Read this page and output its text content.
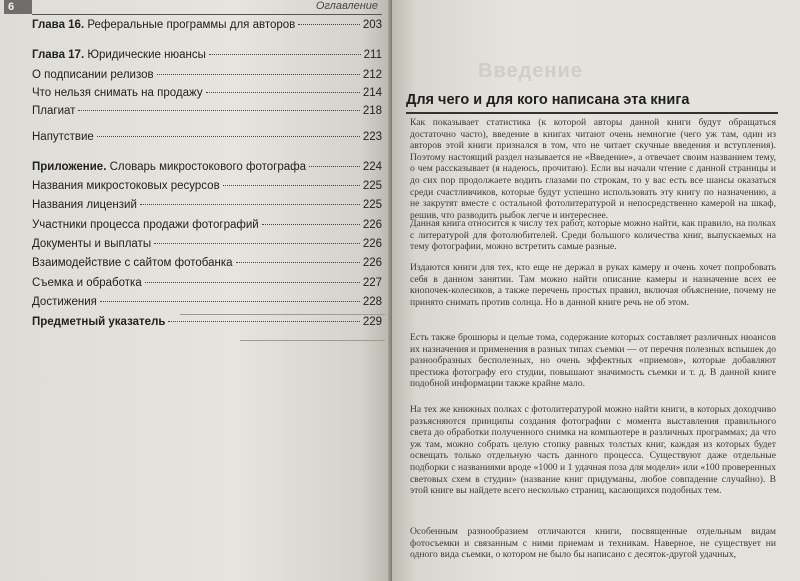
6	Оглавление
Глава 16. Реферальные программы для авторов	203
Глава 17. Юридические нюансы	211
О подписании релизов	212
Что нельзя снимать на продажу	214
Плагиат	218
Напутствие	223
Приложение. Словарь микростокового фотографа	224
Названия микростоковых ресурсов	225
Названия лицензий	225
Участники процесса продажи фотографий	226
Документы и выплаты	226
Взаимодействие с сайтом фотобанка	226
Съемка и обработка	227
Достижения	228
Предметный указатель	229
Введение
Для чего и для кого написана эта книга
Как показывает статистика (к которой авторы данной книги будут обращаться достаточно часто), введение в книгах читают очень немногие (чего уж там, один из авторов этой книги признался в том, что не читает скучные введения и вступления). Поэтому настоящий раздел называется не «Введение», а отвечает своим названием тему, о чем рассказывает (я надеюсь, прочитаю). Если вы начали чтение с данной страницы и до сих пор продолжаете водить глазами по строкам, то у вас есть все шансы оказаться среди счастливчиков, которые будут успешно использовать эту книгу по назначению, а не закрутят вместе с остальной фотолитературой и непосредственно камерой на шкаф, решив, что разводить рыбок легче и интереснее.
Данная книга относится к числу тех работ, которые можно найти, как правило, на полках с литературой для фотолюбителей. Среди большого количества книг, выпускаемых на тему фотографии, можно встретить самые разные.
Издаются книги для тех, кто еще не держал в руках камеру и очень хочет попробовать себя в данном занятии. Там можно найти описание камеры и назначение всех ее кнопочек-колесиков, а также перечень простых правил, включая объяснение, почему не принято снимать против солнца. Но в данной книге речь не об этом.
Есть также брошюры и целые тома, содержание которых составляет различных нюансов их назначения и применения в разных типах съемки — от перечня полезных вспышек до разнообразных бесполезных, но очень эффектных «приемов», которые добавляют престижа фотографу его студии, повышают значимость съемки и т. д. В данной книге подобной информации также крайне мало.
На тех же книжных полках с фотолитературой можно найти книги, в которых доходчиво разъясняются принципы создания фотографии с момента выставления правильного света до обработки полученного снимка на компьютере в различных программах; да что уж там, можно собрать целую стопку равных толстых книг, каждая из которых будет освещать только отдельную часть данного процесса. Существуют даже отдельные подборки с названиями вроде «1000 и 1 удачная поза для модели» или «100 проверенных световых схем в студии» (название книг придуманы, любое совпадение случайно). В этой книге вы найдете всего несколько страниц, касающихся подобных тем.
Особенным разнообразием отличаются книги, посвященные отдельным видам фотосъемки и связанным с ними приемам и техникам. Наверное, не существует ни одного вида съемки, о котором не было бы написано с десяток-другой удачных,
